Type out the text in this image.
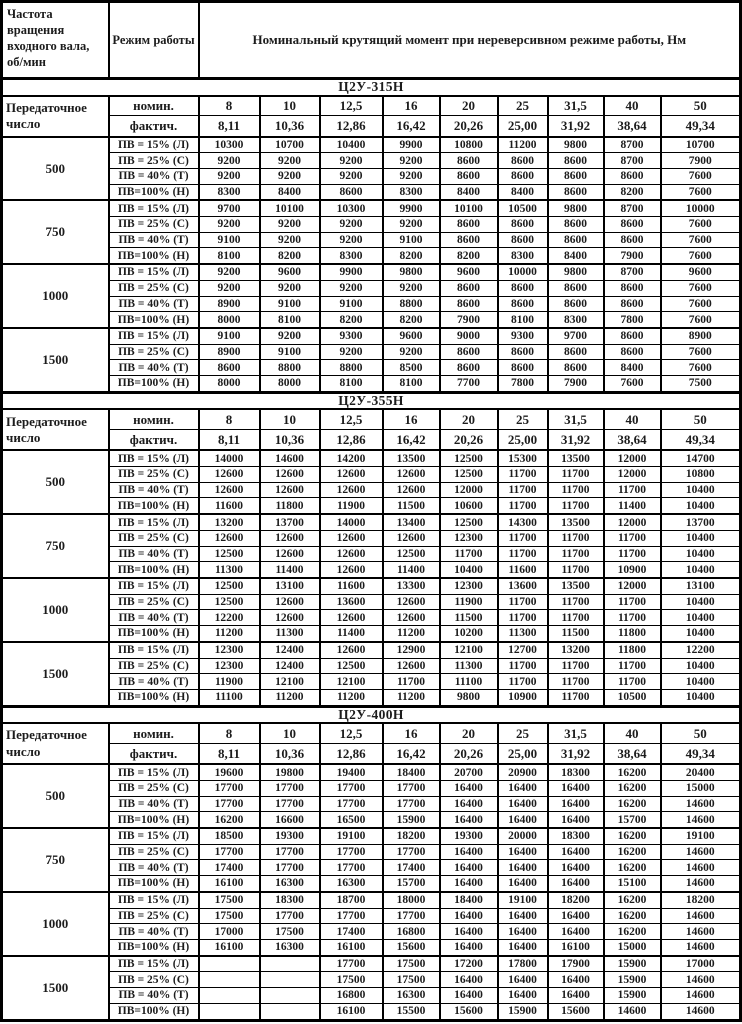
Частота вращения входного вала, об/мин	Режим работы	Номинальный крутящий момент при нереверсивном режиме работы, Нм								
Ц2У-315Н										
Передаточное число	номин.	8	10	12,5	16	20	25	31,5	40	50
	фактич.	8,11	10,36	12,86	16,42	20,26	25,00	31,92	38,64	49,34
500	ПВ = 15% (Л)	10300	10700	10400	9900	10800	11200	9800	8700	10700
	ПВ = 25% (С)	9200	9200	9200	9200	8600	8600	8600	8700	7900
	ПВ = 40% (Т)	9200	9200	9200	9200	8600	8600	8600	8600	7600
	ПВ=100% (Н)	8300	8400	8600	8300	8400	8400	8600	8200	7600
750	ПВ = 15% (Л)	9700	10100	10300	9900	10100	10500	9800	8700	10000
	ПВ = 25% (С)	9200	9200	9200	9200	8600	8600	8600	8600	7600
	ПВ = 40% (Т)	9100	9200	9200	9100	8600	8600	8600	8600	7600
	ПВ=100% (Н)	8100	8200	8300	8200	8200	8300	8400	7900	7600
1000	ПВ = 15% (Л)	9200	9600	9900	9800	9600	10000	9800	8700	9600
	ПВ = 25% (С)	9200	9200	9200	9200	8600	8600	8600	8600	7600
	ПВ = 40% (Т)	8900	9100	9100	8800	8600	8600	8600	8600	7600
	ПВ=100% (Н)	8000	8100	8200	8200	7900	8100	8300	7800	7600
1500	ПВ = 15% (Л)	9100	9200	9300	9600	9000	9300	9700	8600	8900
	ПВ = 25% (С)	8900	9100	9200	9200	8600	8600	8600	8600	7600
	ПВ = 40% (Т)	8600	8800	8800	8500	8600	8600	8600	8400	7600
	ПВ=100% (Н)	8000	8000	8100	8100	7700	7800	7900	7600	7500
Ц2У-355Н										
Передаточное число	номин.	8	10	12,5	16	20	25	31,5	40	50
	фактич.	8,11	10,36	12,86	16,42	20,26	25,00	31,92	38,64	49,34
500	ПВ = 15% (Л)	14000	14600	14200	13500	12500	15300	13500	12000	14700
	ПВ = 25% (С)	12600	12600	12600	12600	12500	11700	11700	12000	10800
	ПВ = 40% (Т)	12600	12600	12600	12600	12000	11700	11700	11700	10400
	ПВ=100% (Н)	11600	11800	11900	11500	10600	11700	11700	11400	10400
750	ПВ = 15% (Л)	13200	13700	14000	13400	12500	14300	13500	12000	13700
	ПВ = 25% (С)	12600	12600	12600	12600	12300	11700	11700	11700	10400
	ПВ = 40% (Т)	12500	12600	12600	12500	11700	11700	11700	11700	10400
	ПВ=100% (Н)	11300	11400	12600	11400	10400	11600	11700	10900	10400
1000	ПВ = 15% (Л)	12500	13100	11600	13300	12300	13600	13500	12000	13100
	ПВ = 25% (С)	12500	12600	13600	12600	11900	11700	11700	11700	10400
	ПВ = 40% (Т)	12200	12600	12600	12600	11500	11700	11700	11700	10400
	ПВ=100% (Н)	11200	11300	11400	11200	10200	11300	11500	11800	10400
1500	ПВ = 15% (Л)	12300	12400	12600	12900	12100	12700	13200	11800	12200
	ПВ = 25% (С)	12300	12400	12500	12600	11300	11700	11700	11700	10400
	ПВ = 40% (Т)	11900	12100	12100	11700	11100	11700	11700	11700	10400
	ПВ=100% (Н)	11100	11200	11200	11200	9800	10900	11700	10500	10400
Ц2У-400Н										
Передаточное число	номин.	8	10	12,5	16	20	25	31,5	40	50
	фактич.	8,11	10,36	12,86	16,42	20,26	25,00	31,92	38,64	49,34
500	ПВ = 15% (Л)	19600	19800	19400	18400	20700	20900	18300	16200	20400
	ПВ = 25% (С)	17700	17700	17700	17700	16400	16400	16400	16200	15000
	ПВ = 40% (Т)	17700	17700	17700	17700	16400	16400	16400	16200	14600
	ПВ=100% (Н)	16200	16600	16500	15900	16400	16400	16400	15700	14600
750	ПВ = 15% (Л)	18500	19300	19100	18200	19300	20000	18300	16200	19100
	ПВ = 25% (С)	17700	17700	17700	17700	16400	16400	16400	16200	14600
	ПВ = 40% (Т)	17400	17700	17700	17400	16400	16400	16400	16200	14600
	ПВ=100% (Н)	16100	16300	16300	15700	16400	16400	16400	15100	14600
1000	ПВ = 15% (Л)	17500	18300	18700	18000	18400	19100	18200	16200	18200
	ПВ = 25% (С)	17500	17700	17700	17700	16400	16400	16400	16200	14600
	ПВ = 40% (Т)	17000	17500	17400	16800	16400	16400	16400	16200	14600
	ПВ=100% (Н)	16100	16300	16100	15600	16400	16400	16100	15000	14600
1500	ПВ = 15% (Л)			17700	17500	17200	17800	17900	15900	17000
	ПВ = 25% (С)			17500	17500	16400	16400	16400	15900	14600
	ПВ = 40% (Т)			16800	16300	16400	16400	16400	15900	14600
	ПВ=100% (Н)			16100	15500	15600	15900	15600	14600	14600
